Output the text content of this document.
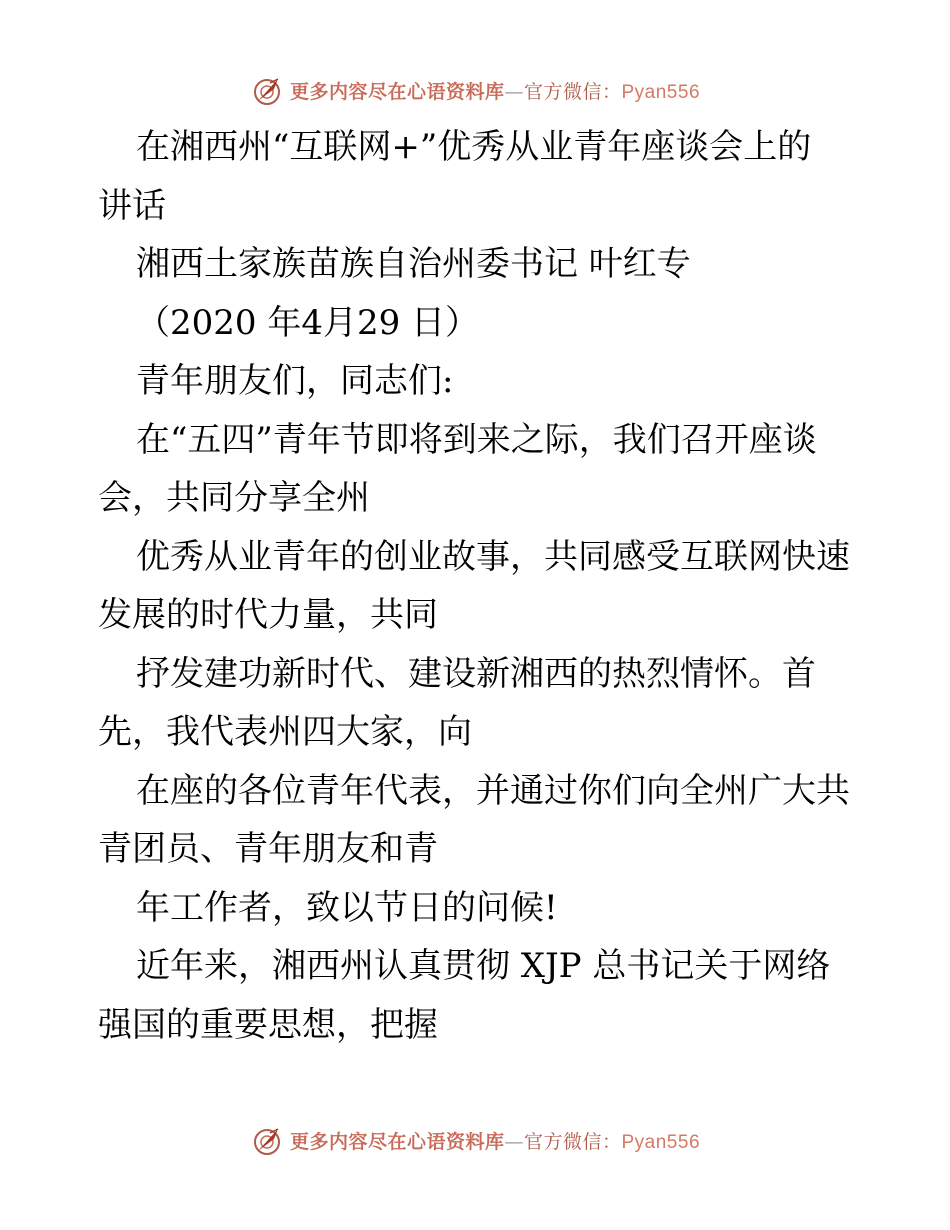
更多内容尽在心语资料库—官方微信：Pyan556
在湘西州“互联网+”优秀从业青年座谈会上的
讲话
湘西土家族苗族自治州委书记 叶红专
（2020 年4月29 日）
青年朋友们，同志们:
在“五四”青年节即将到来之际，我们召开座谈
会，共同分享全州
优秀从业青年的创业故事，共同感受互联网快速
发展的时代力量，共同
抒发建功新时代、建设新湘西的热烈情怀。首
先，我代表州四大家，向
在座的各位青年代表，并通过你们向全州广大共
青团员、青年朋友和青
年工作者，致以节日的问候!
近年来，湘西州认真贯彻 XJP 总书记关于网络
强国的重要思想，把握
更多内容尽在心语资料库—官方微信：Pyan556
